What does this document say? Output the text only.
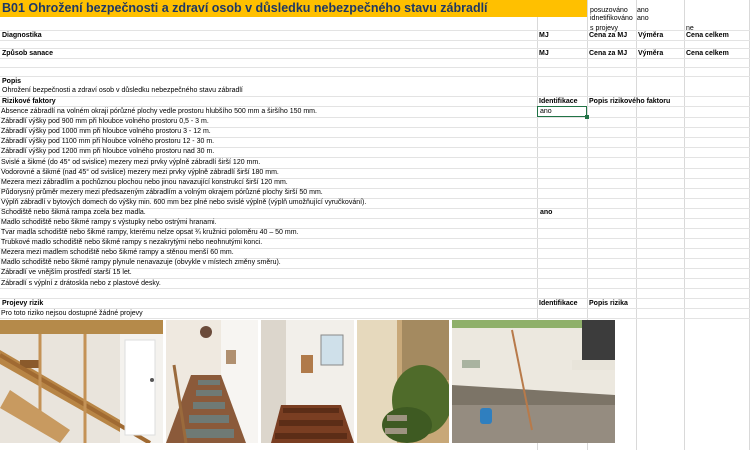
B01 Ohrožení bezpečnosti a zdraví osob v důsledku nebezpečného stavu zábradlí	posuzováno ano
idnetifikováno ano
s projevy	ne
Diagnostika	MJ	Cena za MJ Výměra	Cena celkem
Způsob sanace	MJ	Cena za MJ Výměra	Cena celkem
Popis
Ohrožení bezpečnosti a zdraví osob v důsledku nebezpečného stavu zábradlí
Rizikové faktory	Identifikace Popis rizikového faktoru
Absence zábradlí na volném okraji pórůzné plochy vedle prostoru hlubšího 500 mm a širšího 150 mm.	ano
Zábradlí výšky pod 900 mm při hloubce volného prostoru 0,5 - 3 m.
Zábradlí výšky pod 1000 mm při hloubce volného prostoru 3 - 12 m.
Zábradlí výšky pod 1100 mm při hloubce volného prostoru 12 - 30 m.
Zábradlí výšky pod 1200 mm při hloubce volného prostoru nad 30 m.
Svislé a šikmé (do 45° od svislice) mezery mezi prvky výplně zábradlí širší 120 mm.
Vodorovné a šikmé (nad 45° od svislice) mezery mezi prvky výplně zábradlí širší 180 mm.
Mezera mezi zábradlím a pochůznou plochou nebo jinou navazující konstrukcí širší 120 mm.
Půdorysný průměr mezery mezi předsazeným zábradlím a volným okrajem pórůzné plochy širší 50 mm.
Výplň zábradlí v bytových domech do výšky min. 600 mm bez plné nebo svislé výplně (výplň umožňující vyručkování).
Schodiště nebo šikmá rampa zcela bez madla.	ano
Madlo schodiště nebo šikmé rampy s výstupky nebo ostrými hranami.
Tvar madla schodiště nebo šikmé rampy, kterému nelze opsat ¾ kružnici poloměru 40 – 50 mm.
Trubkové madlo schodiště nebo šikmé rampy s nezakrytými nebo neohnutými konci.
Mezera mezi madlem schodiště nebo šikmé rampy a stěnou menší 60 mm.
Madlo schodiště nebo šikmé rampy plynule nenavazuje (obvykle v místech změny směru).
Zábradlí ve vnějším prostředí starší 15 let.
Zábradlí s výplní z drátoskla nebo z plastové desky.
Projevy rizik	Identifikace Popis rizika
Pro toto riziko nejsou dostupné žádné projevy
